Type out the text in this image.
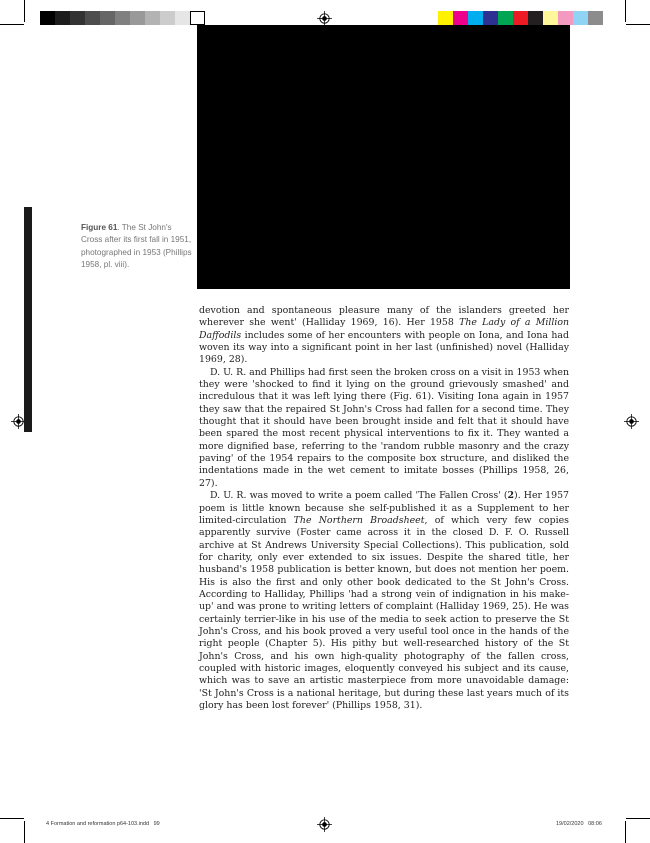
Figure 61. The St John's Cross after its first fall in 1951, photographed in 1953 (Phillips 1958, pl. viii).

devotion and spontaneous pleasure many of the islanders greeted her wherever she went' (Halliday 1969, 16). Her 1958 The Lady of a Million Daffodils includes some of her encounters with people on Iona, and Iona had woven its way into a significant point in her last (unfinished) novel (Halliday 1969, 28).

D. U. R. and Phillips had first seen the broken cross on a visit in 1953 when they were 'shocked to find it lying on the ground grievously smashed' and incredulous that it was left lying there (Fig. 61). Visiting Iona again in 1957 they saw that the repaired St John's Cross had fallen for a second time. They thought that it should have been brought inside and felt that it should have been spared the most recent physical interventions to fix it. They wanted a more dignified base, referring to the 'random rubble masonry and the crazy paving' of the 1954 repairs to the composite box structure, and disliked the indentations made in the wet cement to imitate bosses (Phillips 1958, 26, 27).

D. U. R. was moved to write a poem called 'The Fallen Cross' (2). Her 1957 poem is little known because she self-published it as a Supplement to her limited-circulation The Northern Broadsheet, of which very few copies apparently survive (Foster came across it in the closed D. F. O. Russell archive at St Andrews University Special Collections). This publication, sold for charity, only ever extended to six issues. Despite the shared title, her husband's 1958 publication is better known, but does not mention her poem. His is also the first and only other book dedicated to the St John's Cross. According to Halliday, Phillips 'had a strong vein of indignation in his make-up' and was prone to writing letters of complaint (Halliday 1969, 25). He was certainly terrier-like in his use of the media to seek action to preserve the St John's Cross, and his book proved a very useful tool once in the hands of the right people (Chapter 5). His pithy but well-researched history of the St John's Cross, and his own high-quality photography of the fallen cross, coupled with historic images, eloquently conveyed his subject and its cause, which was to save an artistic masterpiece from more unavoidable damage: 'St John's Cross is a national heritage, but during these last years much of its glory has been lost forever' (Phillips 1958, 31).

4 Formation and reformation p64-103.indd   99	19/02/2020   08:06
